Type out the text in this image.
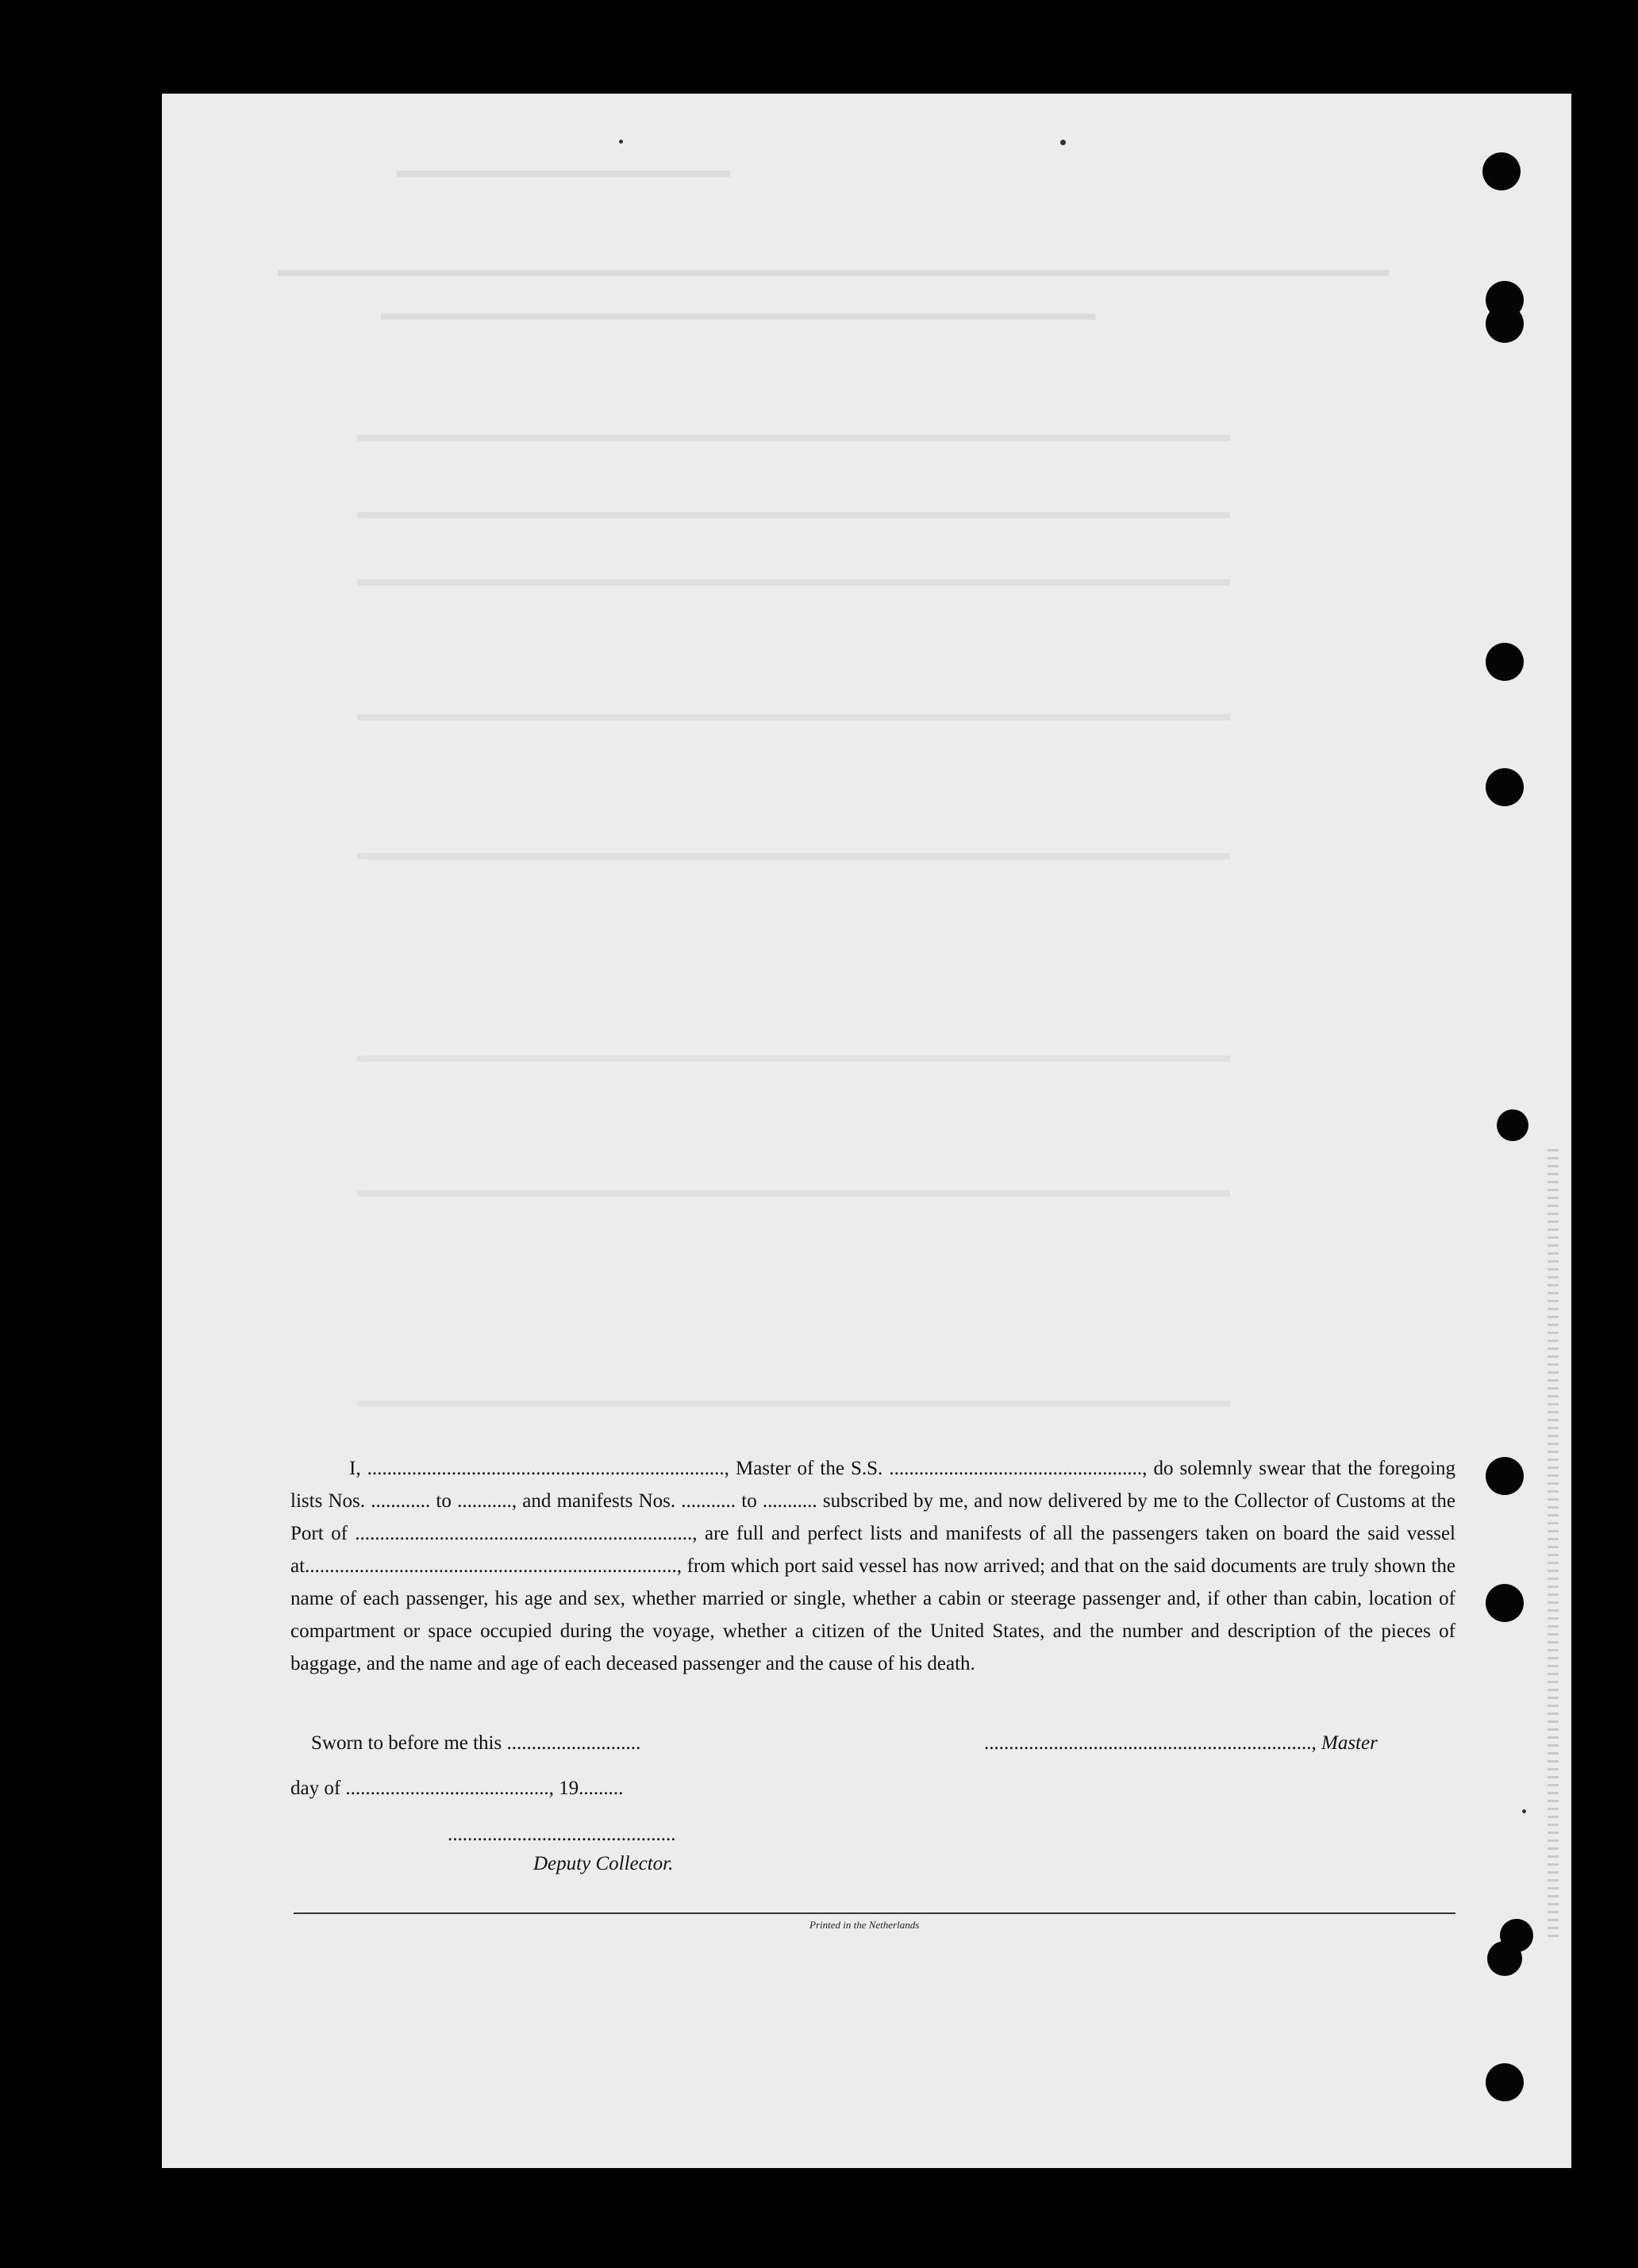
I, ........................................................................, Master of the S.S. ..................................................., do solemnly swear that the foregoing lists Nos. ............ to ..........., and manifests Nos. ........... to ........... subscribed by me, and now delivered by me to the Collector of Customs at the Port of ...................................................................., are full and perfect lists and manifests of all the passengers taken on board the said vessel at..........................................................................., from which port said vessel has now arrived; and that on the said documents are truly shown the name of each passenger, his age and sex, whether married or single, whether a cabin or steerage passenger and, if other than cabin, location of compartment or space occupied during the voyage, whether a citizen of the United States, and the number and description of the pieces of baggage, and the name and age of each deceased passenger and the cause of his death.

Sworn to before me this ...........................	.................................................................., Master
day of ........................................., 19.........
..............................................
Deputy Collector.
Printed in the Netherlands
